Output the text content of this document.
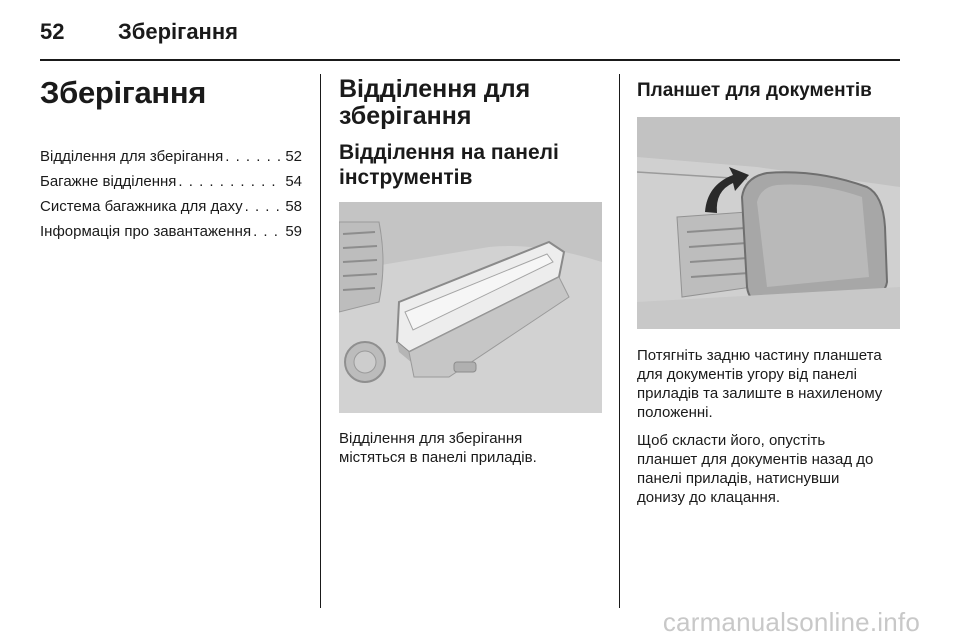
52	Зберігання
Зберігання
Відділення для зберігання . . .	52
Багажне відділення . . .	54
Система багажника для даху . . .	58
Інформація про завантаження . . . 59
Відділення для
зберігання
Відділення на панелі
інструментів

Відділення для зберігання
містяться в панелі приладів.

Планшет для документів

Потягніть задню частину планшета
для документів угору від панелі
приладів та залиште в нахиленому
положенні.

Щоб скласти його, опустіть
планшет для документів назад до
панелі приладів, натиснувши
донизу до клацання.

carmanualsonline.info
